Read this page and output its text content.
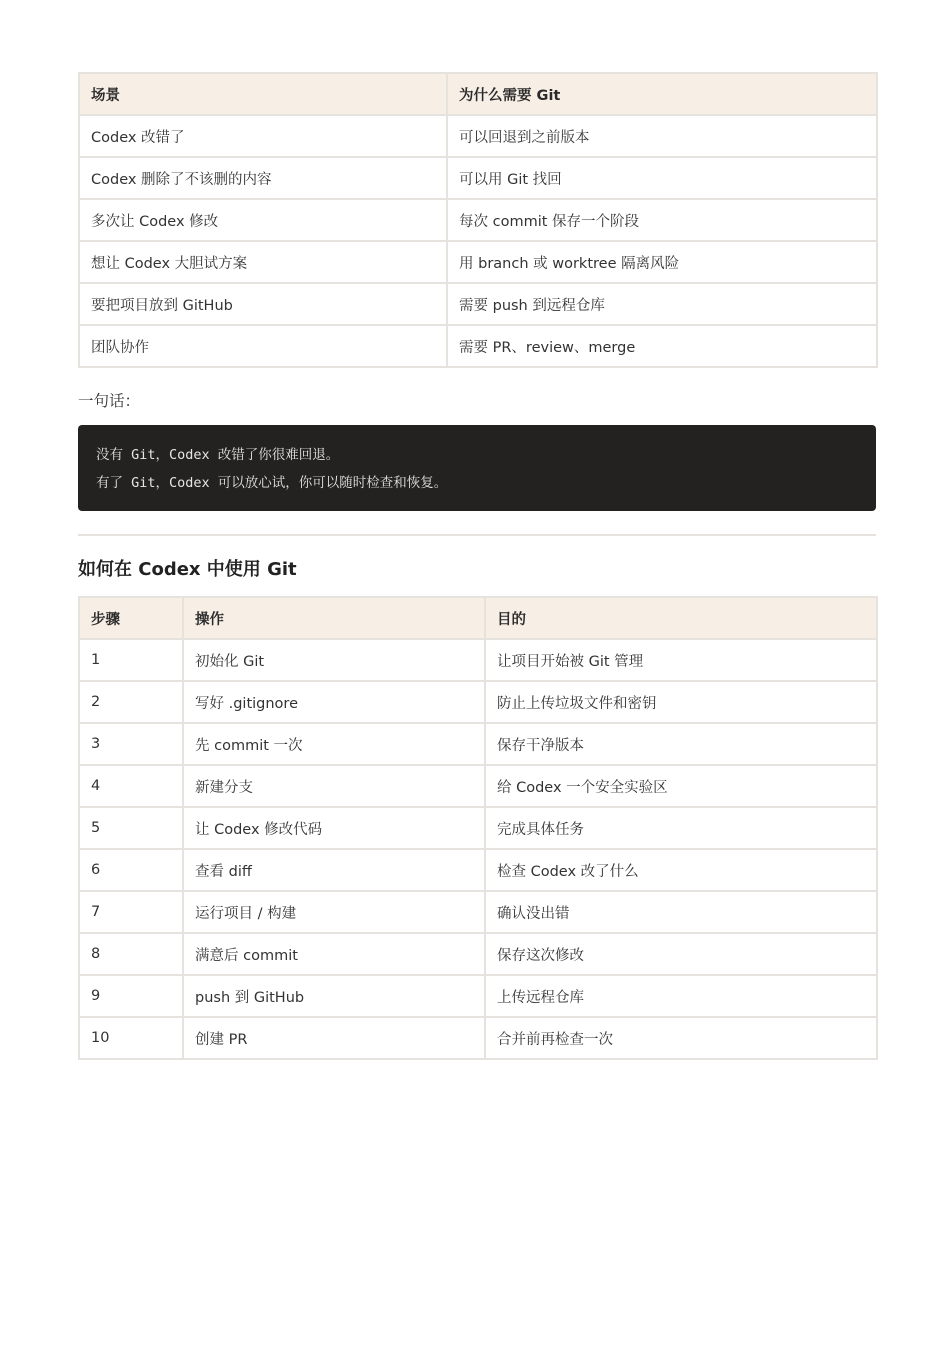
场景	为什么需要 Git
Codex 改错了	可以回退到之前版本
Codex 删除了不该删的内容	可以用 Git 找回
多次让 Codex 修改	每次 commit 保存一个阶段
想让 Codex 大胆试方案	用 branch 或 worktree 隔离风险
要把项目放到 GitHub	需要 push 到远程仓库
团队协作	需要 PR、review、merge
一句话：
没有 Git，Codex 改错了你很难回退。
有了 Git，Codex 可以放心试，你可以随时检查和恢复。
如何在 Codex 中使用 Git
步骤	操作	目的
1	初始化 Git	让项目开始被 Git 管理
2	写好 .gitignore	防止上传垃圾文件和密钥
3	先 commit 一次	保存干净版本
4	新建分支	给 Codex 一个安全实验区
5	让 Codex 修改代码	完成具体任务
6	查看 diff	检查 Codex 改了什么
7	运行项目 / 构建	确认没出错
8	满意后 commit	保存这次修改
9	push 到 GitHub	上传远程仓库
10	创建 PR	合并前再检查一次
